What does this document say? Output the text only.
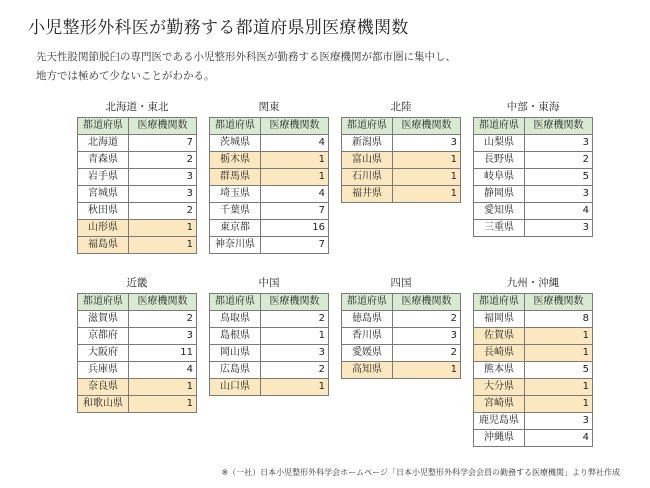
小児整形外科医が勤務する都道府県別医療機関数
先天性股関節脱臼の専門医である小児整形外科医が勤務する医療機関が都市圏に集中し、
地方では極めて少ないことがわかる。
北海道・東北
都道府県	医療機関数
北海道	7
青森県	2
岩手県	3
宮城県	3
秋田県	2
山形県	1
福島県	1
関東
都道府県	医療機関数
茨城県	4
栃木県	1
群馬県	1
埼玉県	4
千葉県	7
東京都	16
神奈川県	7
北陸
都道府県	医療機関数
新潟県	3
富山県	1
石川県	1
福井県	1
中部・東海
都道府県	医療機関数
山梨県	3
長野県	2
岐阜県	5
静岡県	3
愛知県	4
三重県	3
近畿
都道府県	医療機関数
滋賀県	2
京都府	3
大阪府	11
兵庫県	4
奈良県	1
和歌山県	1
中国
都道府県	医療機関数
鳥取県	2
島根県	1
岡山県	3
広島県	2
山口県	1
四国
都道府県	医療機関数
徳島県	2
香川県	3
愛媛県	2
高知県	1
九州・沖縄
都道府県	医療機関数
福岡県	8
佐賀県	1
長崎県	1
熊本県	5
大分県	1
宮崎県	1
鹿児島県	3
沖縄県	4
※（一社）日本小児整形外科学会ホームページ「日本小児整形外科学会会員の勤務する医療機関」より弊社作成
